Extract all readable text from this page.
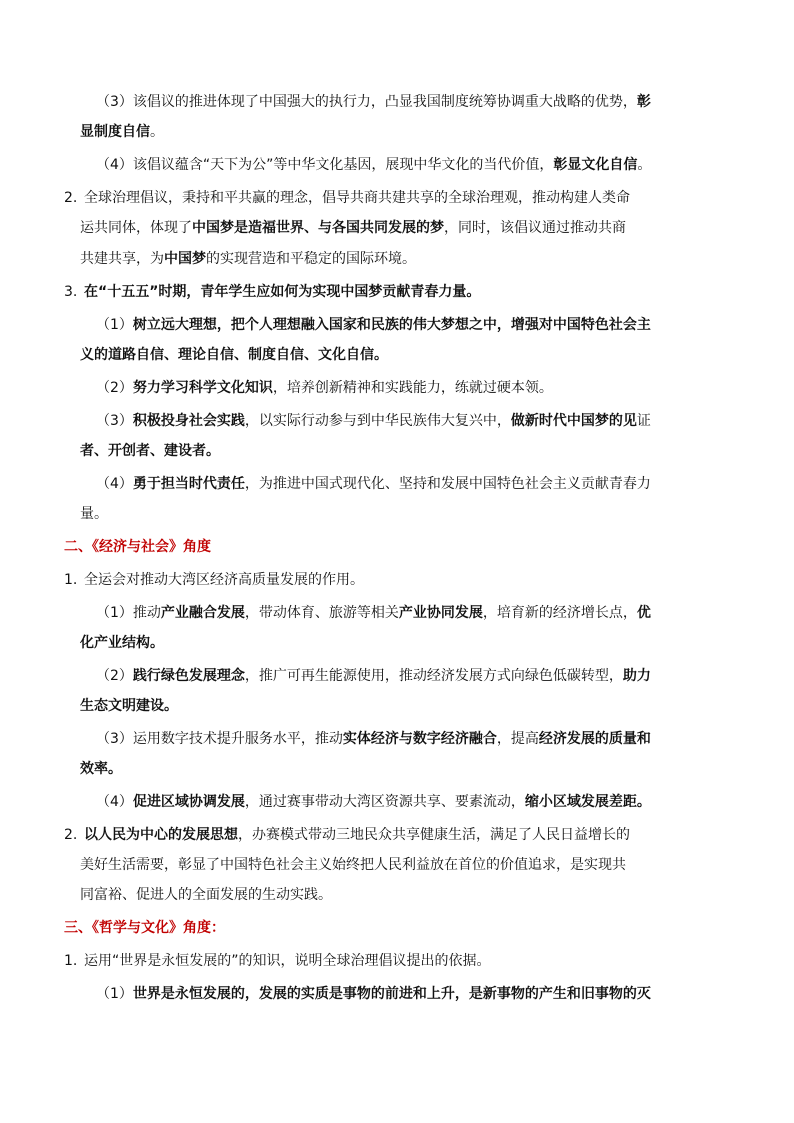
（3）该倡议的推进体现了中国强大的执行力，凸显我国制度统筹协调重大战略的优势，彰
显制度自信。
（4）该倡议蕴含“天下为公”等中华文化基因，展现中华文化的当代价值，彰显文化自信。
2. 全球治理倡议，秉持和平共赢的理念，倡导共商共建共享的全球治理观，推动构建人类命
运共同体，体现了中国梦是造福世界、与各国共同发展的梦，同时，该倡议通过推动共商
共建共享，为中国梦的实现营造和平稳定的国际环境。
3. 在“十五五”时期，青年学生应如何为实现中国梦贡献青春力量。
（1）树立远大理想，把个人理想融入国家和民族的伟大梦想之中，增强对中国特色社会主
义的道路自信、理论自信、制度自信、文化自信。
（2）努力学习科学文化知识，培养创新精神和实践能力，练就过硬本领。
（3）积极投身社会实践，以实际行动参与到中华民族伟大复兴中，做新时代中国梦的见证
者、开创者、建设者。
（4）勇于担当时代责任，为推进中国式现代化、坚持和发展中国特色社会主义贡献青春力
量。
二、《经济与社会》角度
1. 全运会对推动大湾区经济高质量发展的作用。
（1）推动产业融合发展，带动体育、旅游等相关产业协同发展，培育新的经济增长点，优
化产业结构。
（2）践行绿色发展理念，推广可再生能源使用，推动经济发展方式向绿色低碳转型，助力
生态文明建设。
（3）运用数字技术提升服务水平，推动实体经济与数字经济融合，提高经济发展的质量和
效率。
（4）促进区域协调发展，通过赛事带动大湾区资源共享、要素流动，缩小区域发展差距。
2. 以人民为中心的发展思想，办赛模式带动三地民众共享健康生活，满足了人民日益增长的
美好生活需要，彰显了中国特色社会主义始终把人民利益放在首位的价值追求，是实现共
同富裕、促进人的全面发展的生动实践。
三、《哲学与文化》角度：
1. 运用“世界是永恒发展的”的知识，说明全球治理倡议提出的依据。
（1）世界是永恒发展的，发展的实质是事物的前进和上升，是新事物的产生和旧事物的灭
